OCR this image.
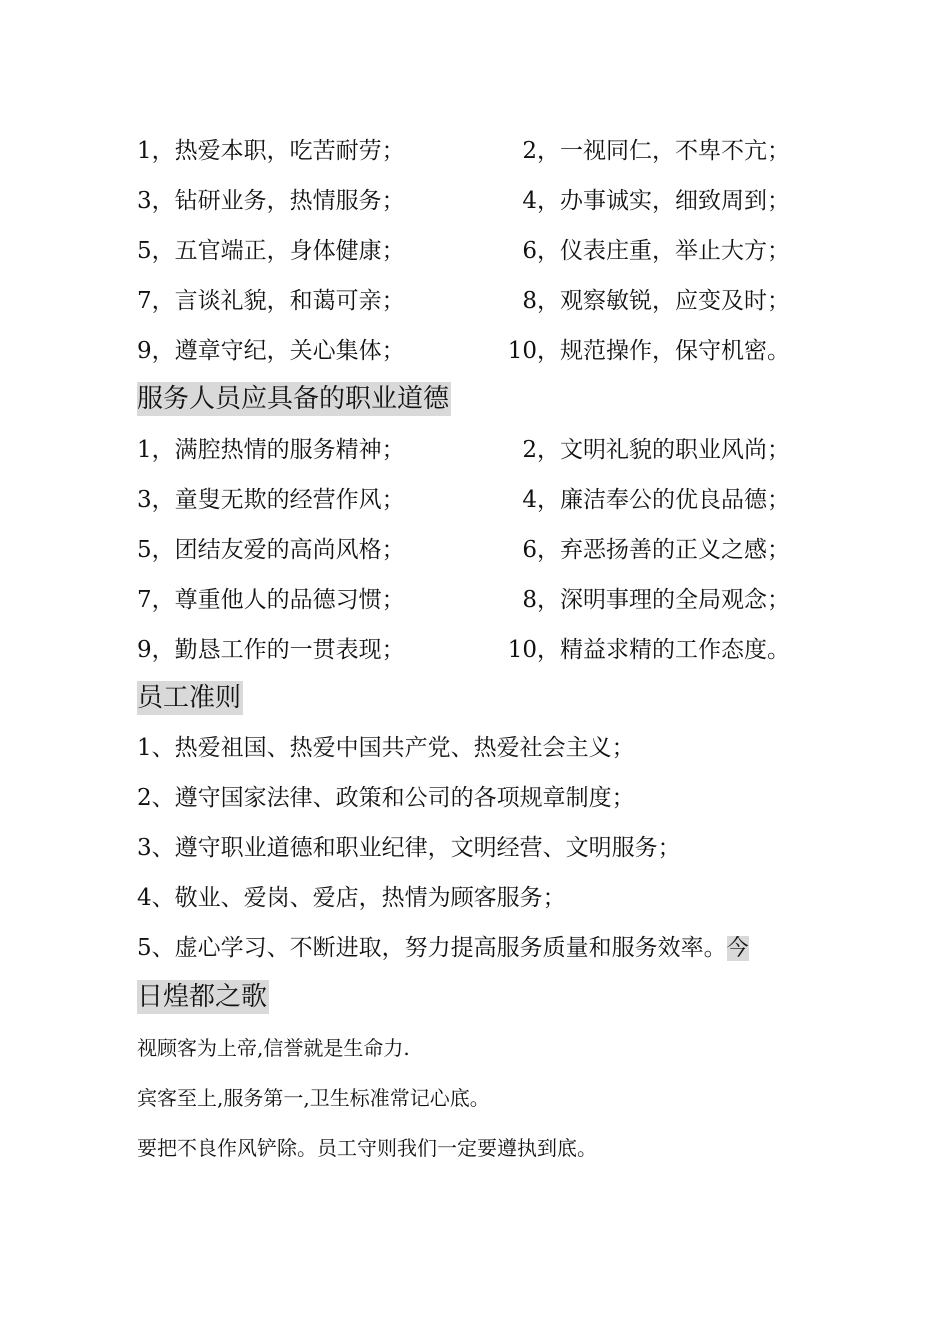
1，热爱本职，吃苦耐劳；	2，一视同仁，不卑不亢；
3，钻研业务，热情服务；	4，办事诚实，细致周到；
5，五官端正，身体健康；	6，仪表庄重，举止大方；
7，言谈礼貌，和蔼可亲；	8，观察敏锐，应变及时；
9，遵章守纪，关心集体；	10，规范操作，保守机密。
服务人员应具备的职业道德
1，满腔热情的服务精神；	2，文明礼貌的职业风尚；
3，童叟无欺的经营作风；	4，廉洁奉公的优良品德；
5，团结友爱的高尚风格；	6，弃恶扬善的正义之感；
7，尊重他人的品德习惯；	8，深明事理的全局观念；
9，勤恳工作的一贯表现；	10，精益求精的工作态度。
员工准则
1、热爱祖国、热爱中国共产党、热爱社会主义；
2、遵守国家法律、政策和公司的各项规章制度；
3、遵守职业道德和职业纪律，文明经营、文明服务；
4、敬业、爱岗、爱店，热情为顾客服务；
5、虚心学习、不断进取，努力提高服务质量和服务效率。今
日煌都之歌
视顾客为上帝,信誉就是生命力.
宾客至上,服务第一,卫生标准常记心底。
要把不良作风铲除。员工守则我们一定要遵执到底。
